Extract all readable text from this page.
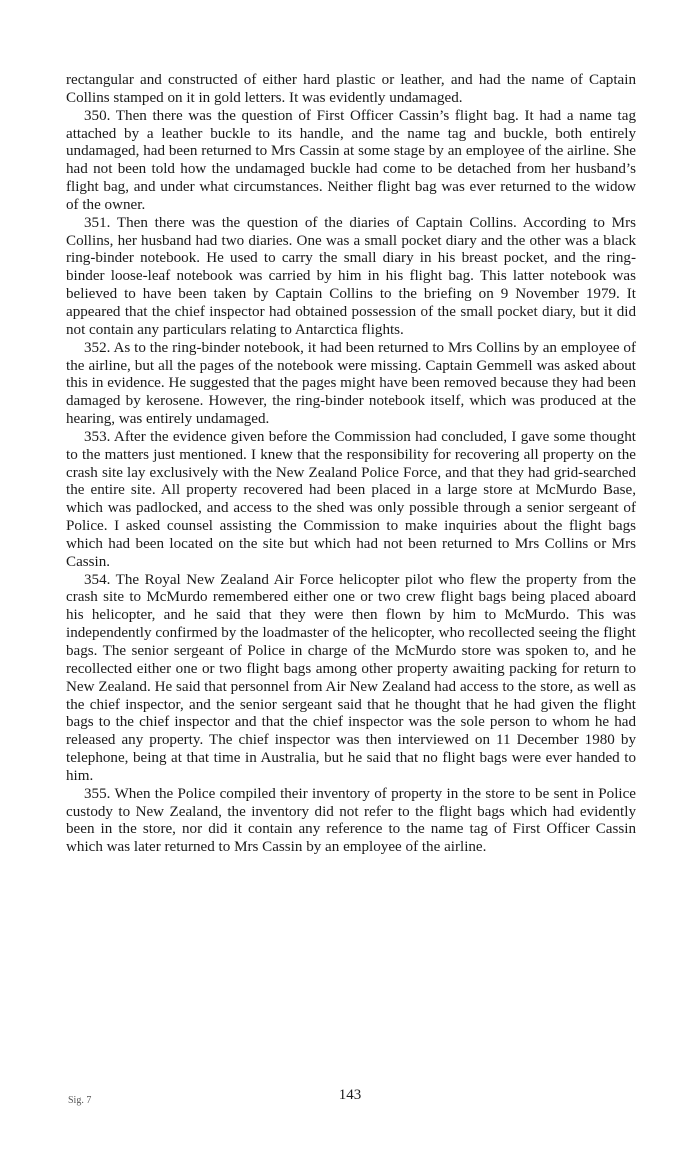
rectangular and constructed of either hard plastic or leather, and had the name of Captain Collins stamped on it in gold letters. It was evidently undamaged.

350. Then there was the question of First Officer Cassin’s flight bag. It had a name tag attached by a leather buckle to its handle, and the name tag and buckle, both entirely undamaged, had been returned to Mrs Cassin at some stage by an employee of the airline. She had not been told how the undamaged buckle had come to be detached from her husband’s flight bag, and under what circumstances. Neither flight bag was ever returned to the widow of the owner.

351. Then there was the question of the diaries of Captain Collins. According to Mrs Collins, her husband had two diaries. One was a small pocket diary and the other was a black ring-binder notebook. He used to carry the small diary in his breast pocket, and the ring-binder loose-leaf notebook was carried by him in his flight bag. This latter notebook was believed to have been taken by Captain Collins to the briefing on 9 November 1979. It appeared that the chief inspector had obtained possession of the small pocket diary, but it did not contain any particulars relating to Antarctica flights.

352. As to the ring-binder notebook, it had been returned to Mrs Collins by an employee of the airline, but all the pages of the notebook were missing. Captain Gemmell was asked about this in evidence. He suggested that the pages might have been removed because they had been damaged by kerosene. However, the ring-binder notebook itself, which was produced at the hearing, was entirely undamaged.

353. After the evidence given before the Commission had concluded, I gave some thought to the matters just mentioned. I knew that the responsibility for recovering all property on the crash site lay exclusively with the New Zealand Police Force, and that they had grid-searched the entire site. All property recovered had been placed in a large store at McMurdo Base, which was padlocked, and access to the shed was only possible through a senior sergeant of Police. I asked counsel assisting the Commission to make inquiries about the flight bags which had been located on the site but which had not been returned to Mrs Collins or Mrs Cassin.

354. The Royal New Zealand Air Force helicopter pilot who flew the property from the crash site to McMurdo remembered either one or two crew flight bags being placed aboard his helicopter, and he said that they were then flown by him to McMurdo. This was independently confirmed by the loadmaster of the helicopter, who recollected seeing the flight bags. The senior sergeant of Police in charge of the McMurdo store was spoken to, and he recollected either one or two flight bags among other property awaiting packing for return to New Zealand. He said that personnel from Air New Zealand had access to the store, as well as the chief inspector, and the senior sergeant said that he thought that he had given the flight bags to the chief inspector and that the chief inspector was the sole person to whom he had released any property. The chief inspector was then interviewed on 11 December 1980 by telephone, being at that time in Australia, but he said that no flight bags were ever handed to him.

355. When the Police compiled their inventory of property in the store to be sent in Police custody to New Zealand, the inventory did not refer to the flight bags which had evidently been in the store, nor did it contain any reference to the name tag of First Officer Cassin which was later returned to Mrs Cassin by an employee of the airline.

Sig. 7	143
